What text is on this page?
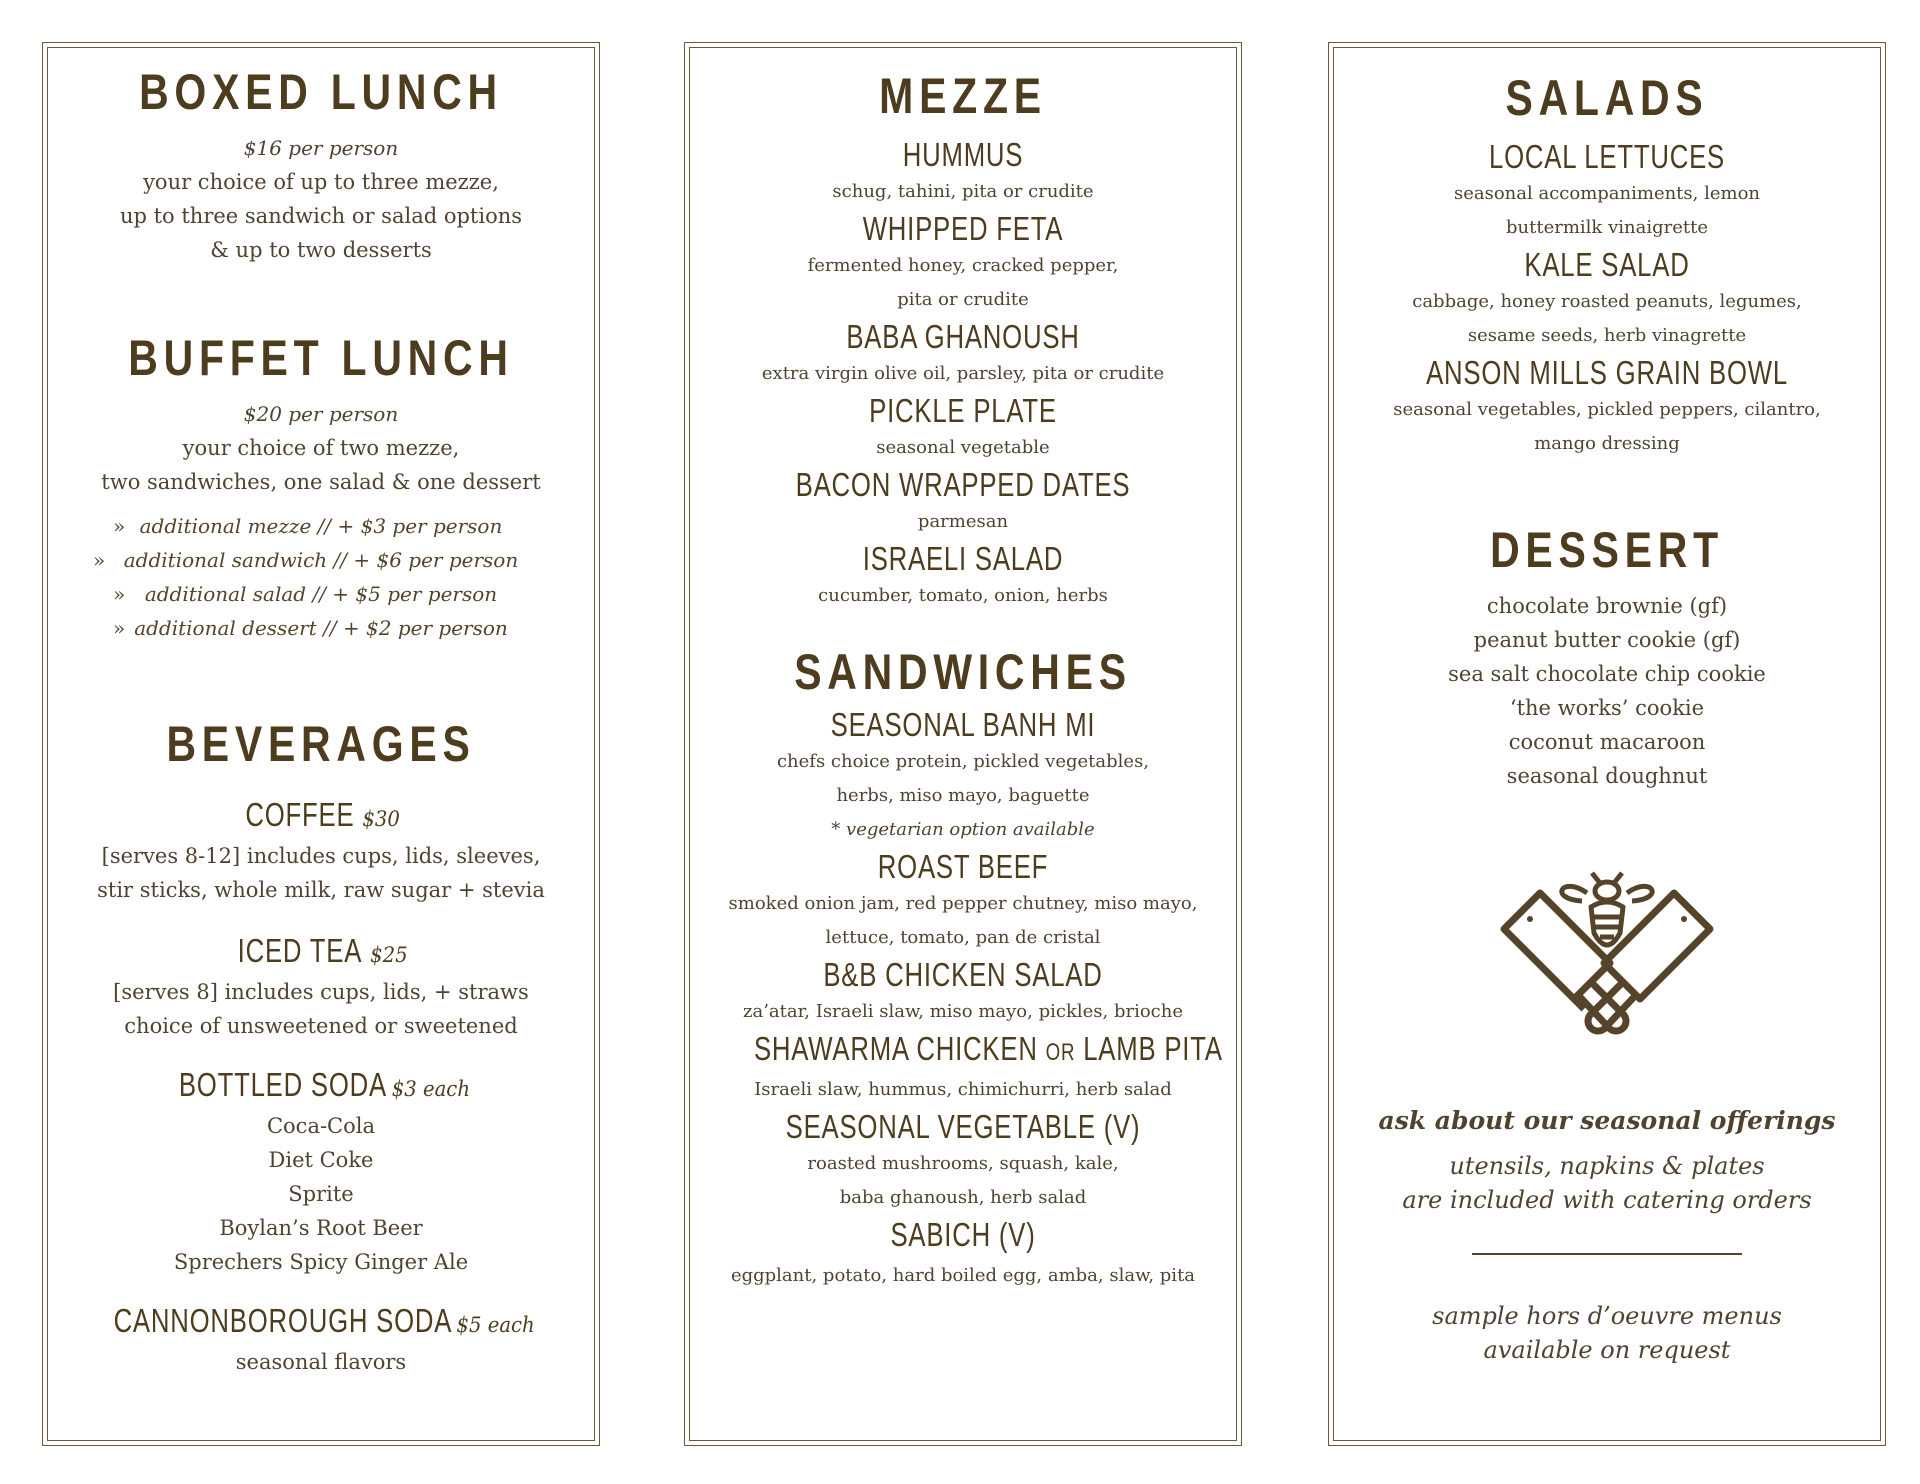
BOXED LUNCH

$16 per person

your choice of up to three mezze,

up to three sandwich or salad options

& up to two desserts

BUFFET LUNCH

$20 per person

your choice of two mezze,

two sandwiches, one salad & one dessert

» additional mezze // + $3 per person
» additional sandwich // + $6 per person
» additional salad // + $5 per person
» additional dessert // + $2 per person
BEVERAGES
COFFEE $30

[serves 8-12] includes cups, lids, sleeves,

stir sticks, whole milk, raw sugar + stevia

ICED TEA $25

[serves 8] includes cups, lids, + straws

choice of unsweetened or sweetened

BOTTLED SODA $3 each

Coca-Cola

Diet Coke

Sprite

Boylan’s Root Beer

Sprechers Spicy Ginger Ale

CANNONBOROUGH SODA $5 each

seasonal flavors

MEZZE
HUMMUS

schug, tahini, pita or crudite

WHIPPED FETA

fermented honey, cracked pepper,

pita or crudite

BABA GHANOUSH

extra virgin olive oil, parsley, pita or crudite

PICKLE PLATE

seasonal vegetable

BACON WRAPPED DATES

parmesan

ISRAELI SALAD

cucumber, tomato, onion, herbs

SANDWICHES
SEASONAL BANH MI

chefs choice protein, pickled vegetables,

herbs, miso mayo, baguette

* vegetarian option available

ROAST BEEF

smoked onion jam, red pepper chutney, miso mayo,

lettuce, tomato, pan de cristal

B&B CHICKEN SALAD

za’atar, Israeli slaw, miso mayo, pickles, brioche

SHAWARMA CHICKEN OR LAMB PITA

Israeli slaw, hummus, chimichurri, herb salad

SEASONAL VEGETABLE (V)

roasted mushrooms, squash, kale,

baba ghanoush, herb salad

SABICH (V)

eggplant, potato, hard boiled egg, amba, slaw, pita

SALADS
LOCAL LETTUCES

seasonal accompaniments, lemon

buttermilk vinaigrette

KALE SALAD

cabbage, honey roasted peanuts, legumes,

sesame seeds, herb vinagrette

ANSON MILLS GRAIN BOWL

seasonal vegetables, pickled peppers, cilantro,

mango dressing

DESSERT

chocolate brownie (gf)

peanut butter cookie (gf)

sea salt chocolate chip cookie

‘the works’ cookie

coconut macaroon

seasonal doughnut

ask about our seasonal offerings

utensils, napkins & plates

are included with catering orders

sample hors d’oeuvre menus

available on request
